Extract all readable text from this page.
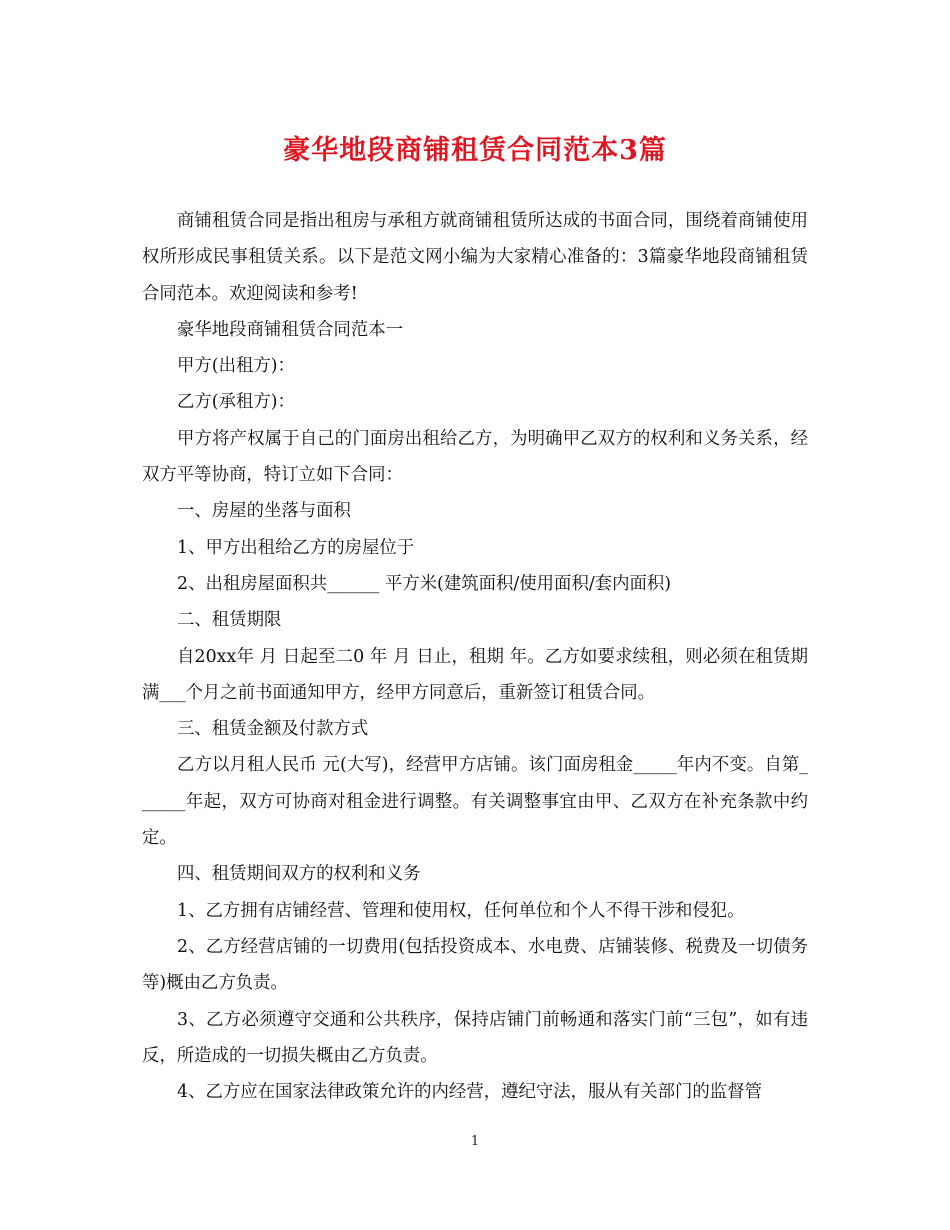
豪华地段商铺租赁合同范本3篇

商铺租赁合同是指出租房与承租方就商铺租赁所达成的书面合同，围绕着商铺使用权所形成民事租赁关系。以下是范文网小编为大家精心准备的：3篇豪华地段商铺租赁合同范本。欢迎阅读和参考!

豪华地段商铺租赁合同范本一

甲方(出租方)：

乙方(承租方)：

甲方将产权属于自己的门面房出租给乙方，为明确甲乙双方的权利和义务关系，经双方平等协商，特订立如下合同：

一、房屋的坐落与面积

1、甲方出租给乙方的房屋位于

2、出租房屋面积共______ 平方米(建筑面积/使用面积/套内面积)

二、租赁期限

自20xx年 月 日起至二0 年 月 日止，租期 年。乙方如要求续租，则必须在租赁期满___个月之前书面通知甲方，经甲方同意后，重新签订租赁合同。

三、租赁金额及付款方式

乙方以月租人民币 元(大写)，经营甲方店铺。该门面房租金_____年内不变。自第______年起，双方可协商对租金进行调整。有关调整事宜由甲、乙双方在补充条款中约定。

四、租赁期间双方的权利和义务

1、乙方拥有店铺经营、管理和使用权，任何单位和个人不得干涉和侵犯。

2、乙方经营店铺的一切费用(包括投资成本、水电费、店铺装修、税费及一切债务等)概由乙方负责。

3、乙方必须遵守交通和公共秩序，保持店铺门前畅通和落实门前“三包”，如有违反，所造成的一切损失概由乙方负责。

4、乙方应在国家法律政策允许的内经营，遵纪守法，服从有关部门的监督管

1
